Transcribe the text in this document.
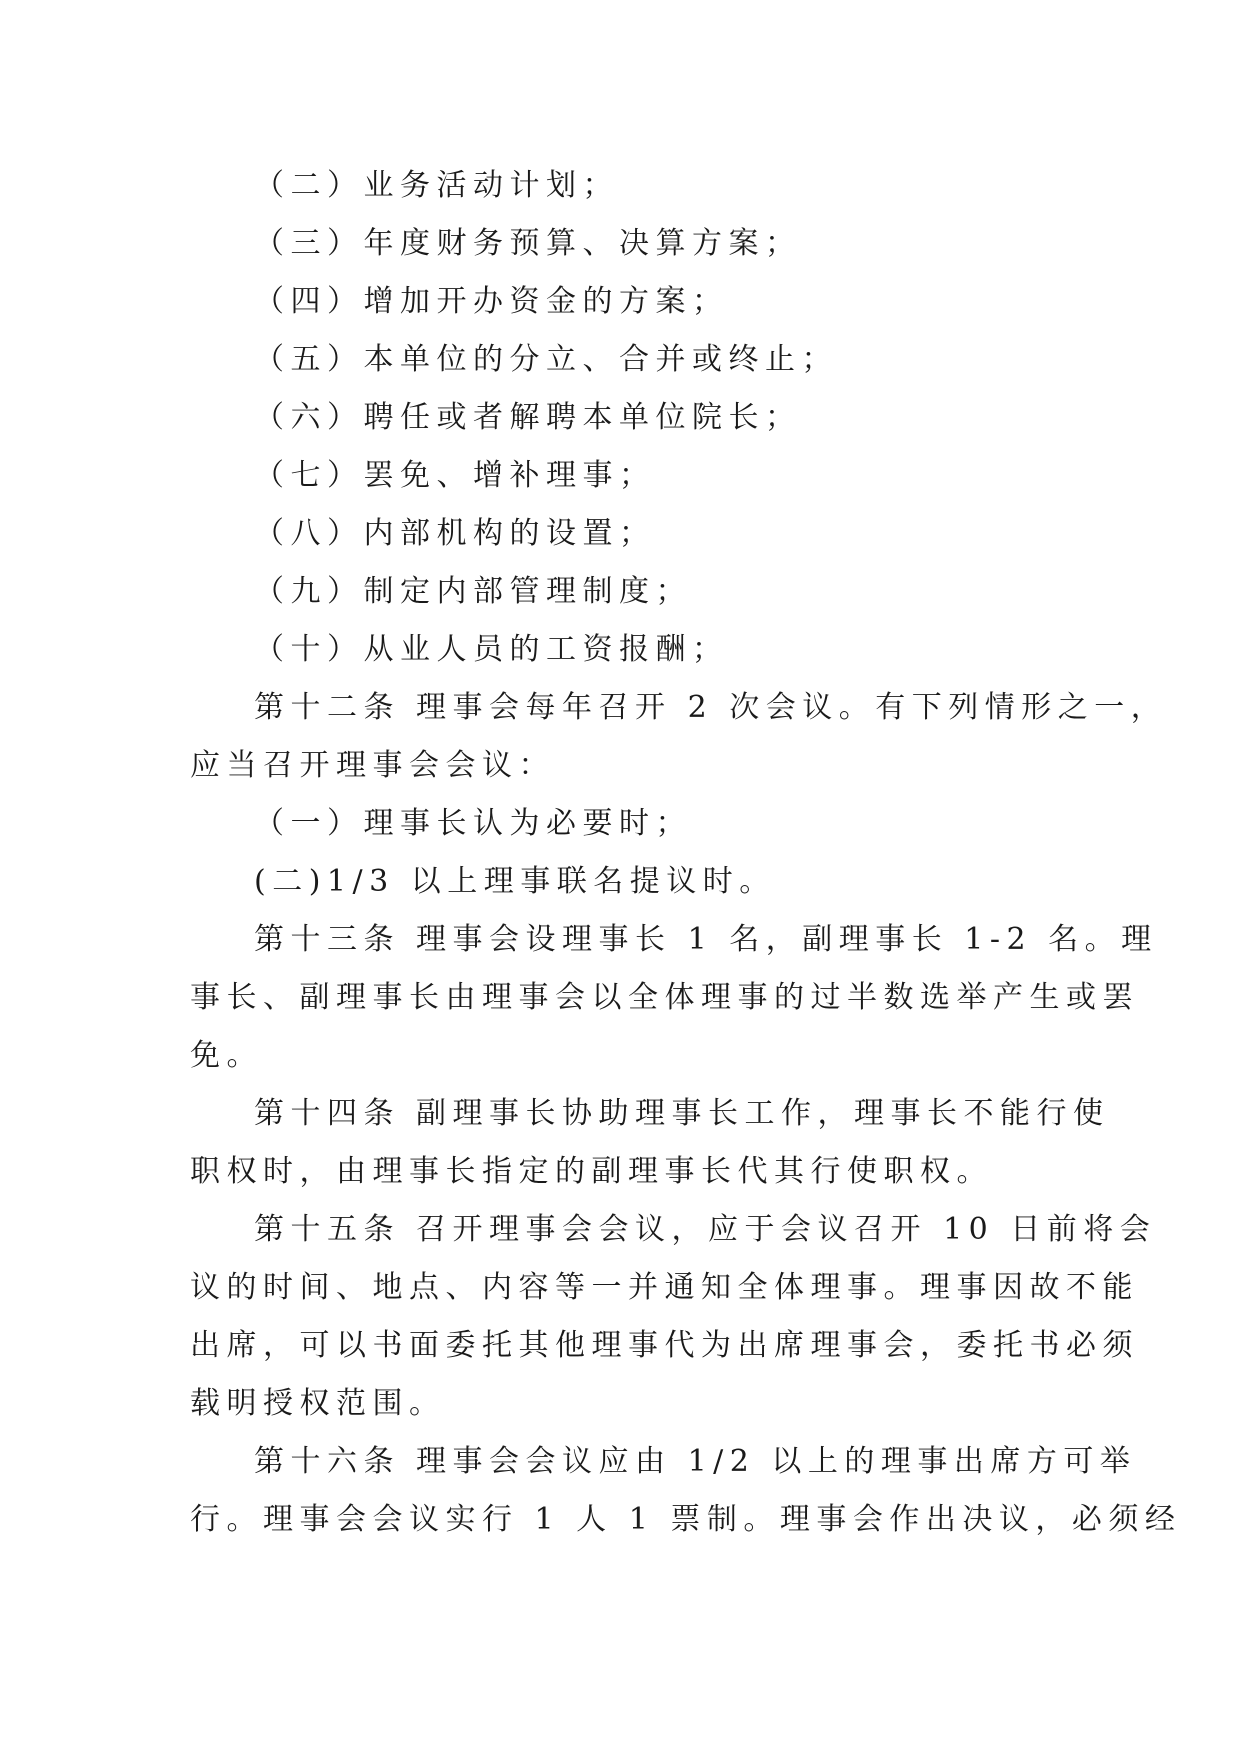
（二）业务活动计划；
（三）年度财务预算、决算方案；
（四）增加开办资金的方案；
（五）本单位的分立、合并或终止；
（六）聘任或者解聘本单位院长；
（七）罢免、增补理事；
（八）内部机构的设置；
（九）制定内部管理制度；
（十）从业人员的工资报酬；
第十二条 理事会每年召开 2 次会议。有下列情形之一，
应当召开理事会会议：
（一）理事长认为必要时；
(二)1/3 以上理事联名提议时。
第十三条 理事会设理事长 1 名，副理事长 1-2 名。理
事长、副理事长由理事会以全体理事的过半数选举产生或罢
免。
第十四条 副理事长协助理事长工作，理事长不能行使
职权时，由理事长指定的副理事长代其行使职权。
第十五条 召开理事会会议，应于会议召开 10 日前将会
议的时间、地点、内容等一并通知全体理事。理事因故不能
出席，可以书面委托其他理事代为出席理事会，委托书必须
载明授权范围。
第十六条 理事会会议应由 1/2 以上的理事出席方可举
行。理事会会议实行 1 人 1 票制。理事会作出决议，必须经
